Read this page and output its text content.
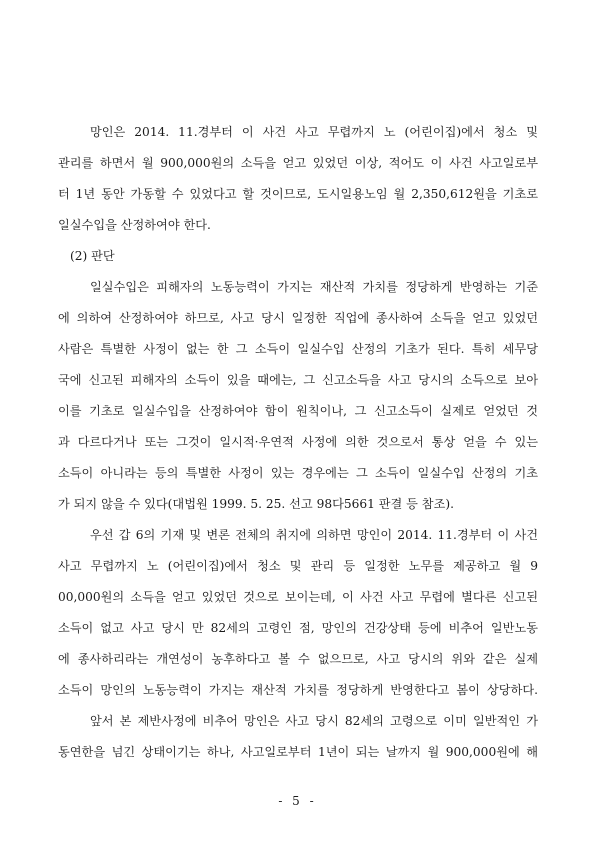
망인은 2014. 11.경부터 이 사건 사고 무렵까지 노 (어린이집)에서 청소 및
관리를 하면서 월 900,000원의 소득을 얻고 있었던 이상, 적어도 이 사건 사고일로부
터 1년 동안 가동할 수 있었다고 할 것이므로, 도시일용노임 월 2,350,612원을 기초로
일실수입을 산정하여야 한다.
(2) 판단
일실수입은 피해자의 노동능력이 가지는 재산적 가치를 정당하게 반영하는 기준
에 의하여 산정하여야 하므로, 사고 당시 일정한 직업에 종사하여 소득을 얻고 있었던
사람은 특별한 사정이 없는 한 그 소득이 일실수입 산정의 기초가 된다. 특히 세무당
국에 신고된 피해자의 소득이 있을 때에는, 그 신고소득을 사고 당시의 소득으로 보아
이를 기초로 일실수입을 산정하여야 함이 원칙이나, 그 신고소득이 실제로 얻었던 것
과 다르다거나 또는 그것이 일시적·우연적 사정에 의한 것으로서 통상 얻을 수 있는
소득이 아니라는 등의 특별한 사정이 있는 경우에는 그 소득이 일실수입 산정의 기초
가 되지 않을 수 있다(대법원 1999. 5. 25. 선고 98다5661 판결 등 참조).
우선 갑 6의 기재 및 변론 전체의 취지에 의하면 망인이 2014. 11.경부터 이 사건
사고 무렵까지 노 (어린이집)에서 청소 및 관리 등 일정한 노무를 제공하고 월 9
00,000원의 소득을 얻고 있었던 것으로 보이는데, 이 사건 사고 무렵에 별다른 신고된
소득이 없고 사고 당시 만 82세의 고령인 점, 망인의 건강상태 등에 비추어 일반노동
에 종사하리라는 개연성이 농후하다고 볼 수 없으므로, 사고 당시의 위와 같은 실제
소득이 망인의 노동능력이 가지는 재산적 가치를 정당하게 반영한다고 봄이 상당하다.
앞서 본 제반사정에 비추어 망인은 사고 당시 82세의 고령으로 이미 일반적인 가
동연한을 넘긴 상태이기는 하나, 사고일로부터 1년이 되는 날까지 월 900,000원에 해
- 5 -
